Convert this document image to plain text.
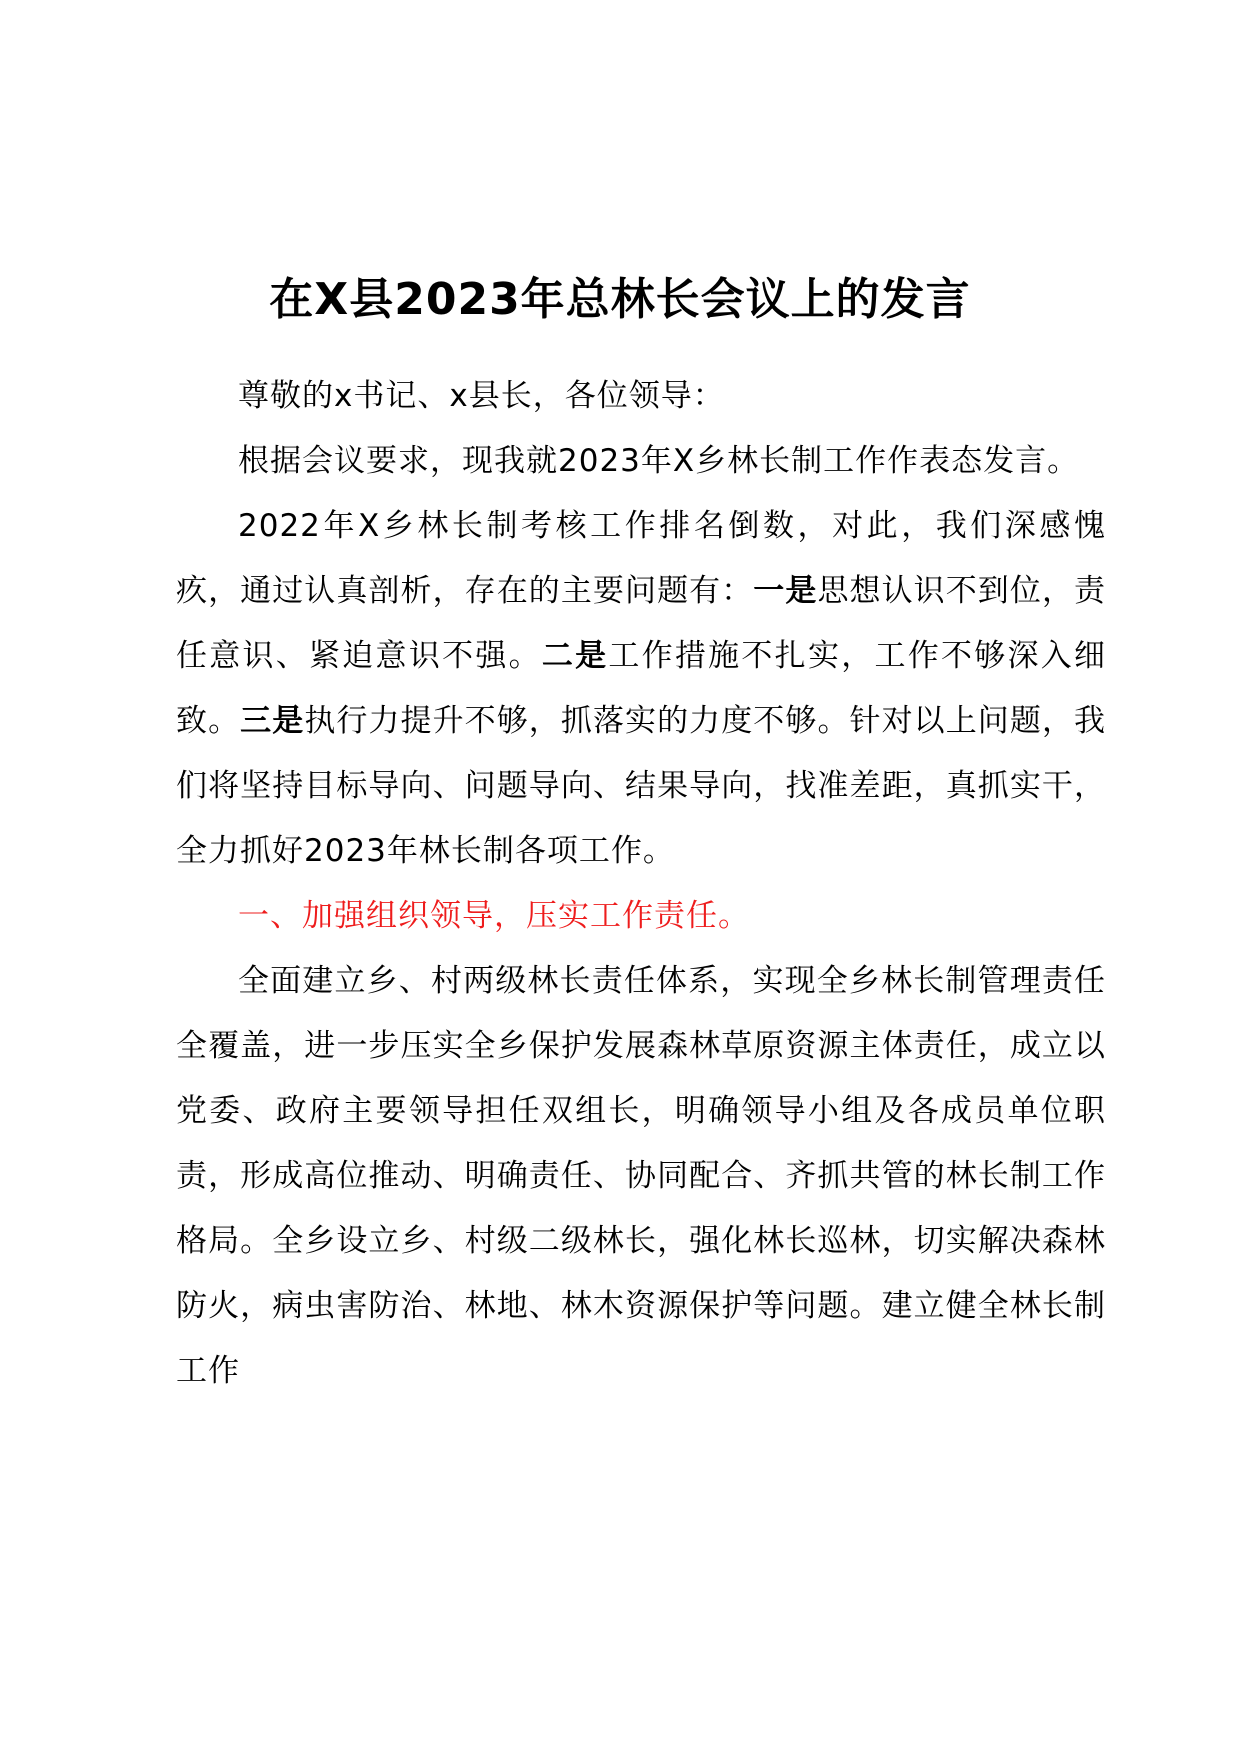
在X县2023年总林长会议上的发言

尊敬的x书记、x县长，各位领导：

根据会议要求，现我就2023年X乡林长制工作作表态发言。

2022年X乡林长制考核工作排名倒数，对此，我们深感愧疚，通过认真剖析，存在的主要问题有：一是思想认识不到位，责任意识、紧迫意识不强。二是工作措施不扎实，工作不够深入细致。三是执行力提升不够，抓落实的力度不够。针对以上问题，我们将坚持目标导向、问题导向、结果导向，找准差距，真抓实干，全力抓好2023年林长制各项工作。

一、加强组织领导，压实工作责任。

全面建立乡、村两级林长责任体系，实现全乡林长制管理责任全覆盖，进一步压实全乡保护发展森林草原资源主体责任，成立以党委、政府主要领导担任双组长，明确领导小组及各成员单位职责，形成高位推动、明确责任、协同配合、齐抓共管的林长制工作格局。全乡设立乡、村级二级林长，强化林长巡林，切实解决森林防火，病虫害防治、林地、林木资源保护等问题。建立健全林长制工作
